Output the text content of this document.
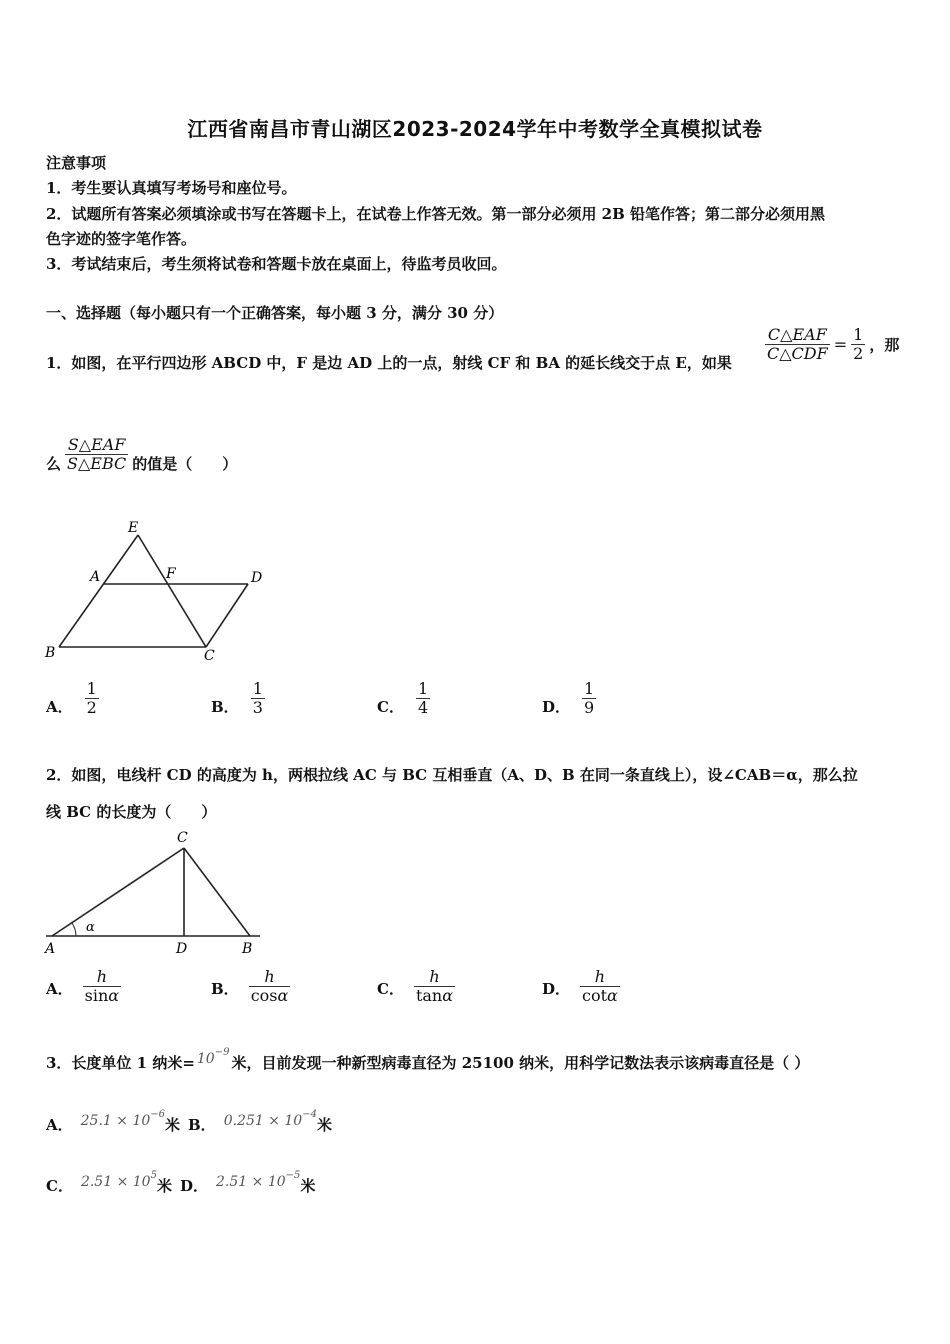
江西省南昌市青山湖区2023-2024学年中考数学全真模拟试卷
注意事项
1．考生要认真填写考场号和座位号。
2．试题所有答案必须填涂或书写在答题卡上，在试卷上作答无效。第一部分必须用 2B 铅笔作答；第二部分必须用黑
色字迹的签字笔作答。
3．考试结束后，考生须将试卷和答题卡放在桌面上，待监考员收回。
一、选择题（每小题只有一个正确答案，每小题 3 分，满分 30 分）
1．如图，在平行四边形 ABCD 中，F 是边 AD 上的一点，射线 CF 和 BA 的延长线交于点 E，如果 $\frac{\text{C△EAF}}{\text{C△CDF}} = \frac{1}{2}$ ，那
么 $\frac{\text{S△EAF}}{\text{S△EBC}}$ 的值是（　　）
E
A	F	D
B	C
A． $\frac{1}{2}$	B． $\frac{1}{3}$	C． $\frac{1}{4}$	D． $\frac{1}{9}$
2．如图，电线杆 CD 的高度为 h，两根拉线 AC 与 BC 互相垂直（A、D、B 在同一条直线上），设∠CAB＝α，那么拉
线 BC 的长度为（　　）
C
A	D	B
α
A． $\frac{h}{\sin\alpha}$	B． $\frac{h}{\cos\alpha}$	C． $\frac{h}{\tan\alpha}$	D． $\frac{h}{\cot\alpha}$
3．长度单位 1 纳米= $10^{-9}$
米，目前发现一种新型病毒直径为 25100 纳米，用科学记数法表示该病毒直径是（ ）
A． $25.1 \times 10^{-6}$
米 B． $0.251 \times 10^{-4}$
米
C． $2.51 \times 10^5$
米 D． $2.51 \times 10^{-5}$
米
